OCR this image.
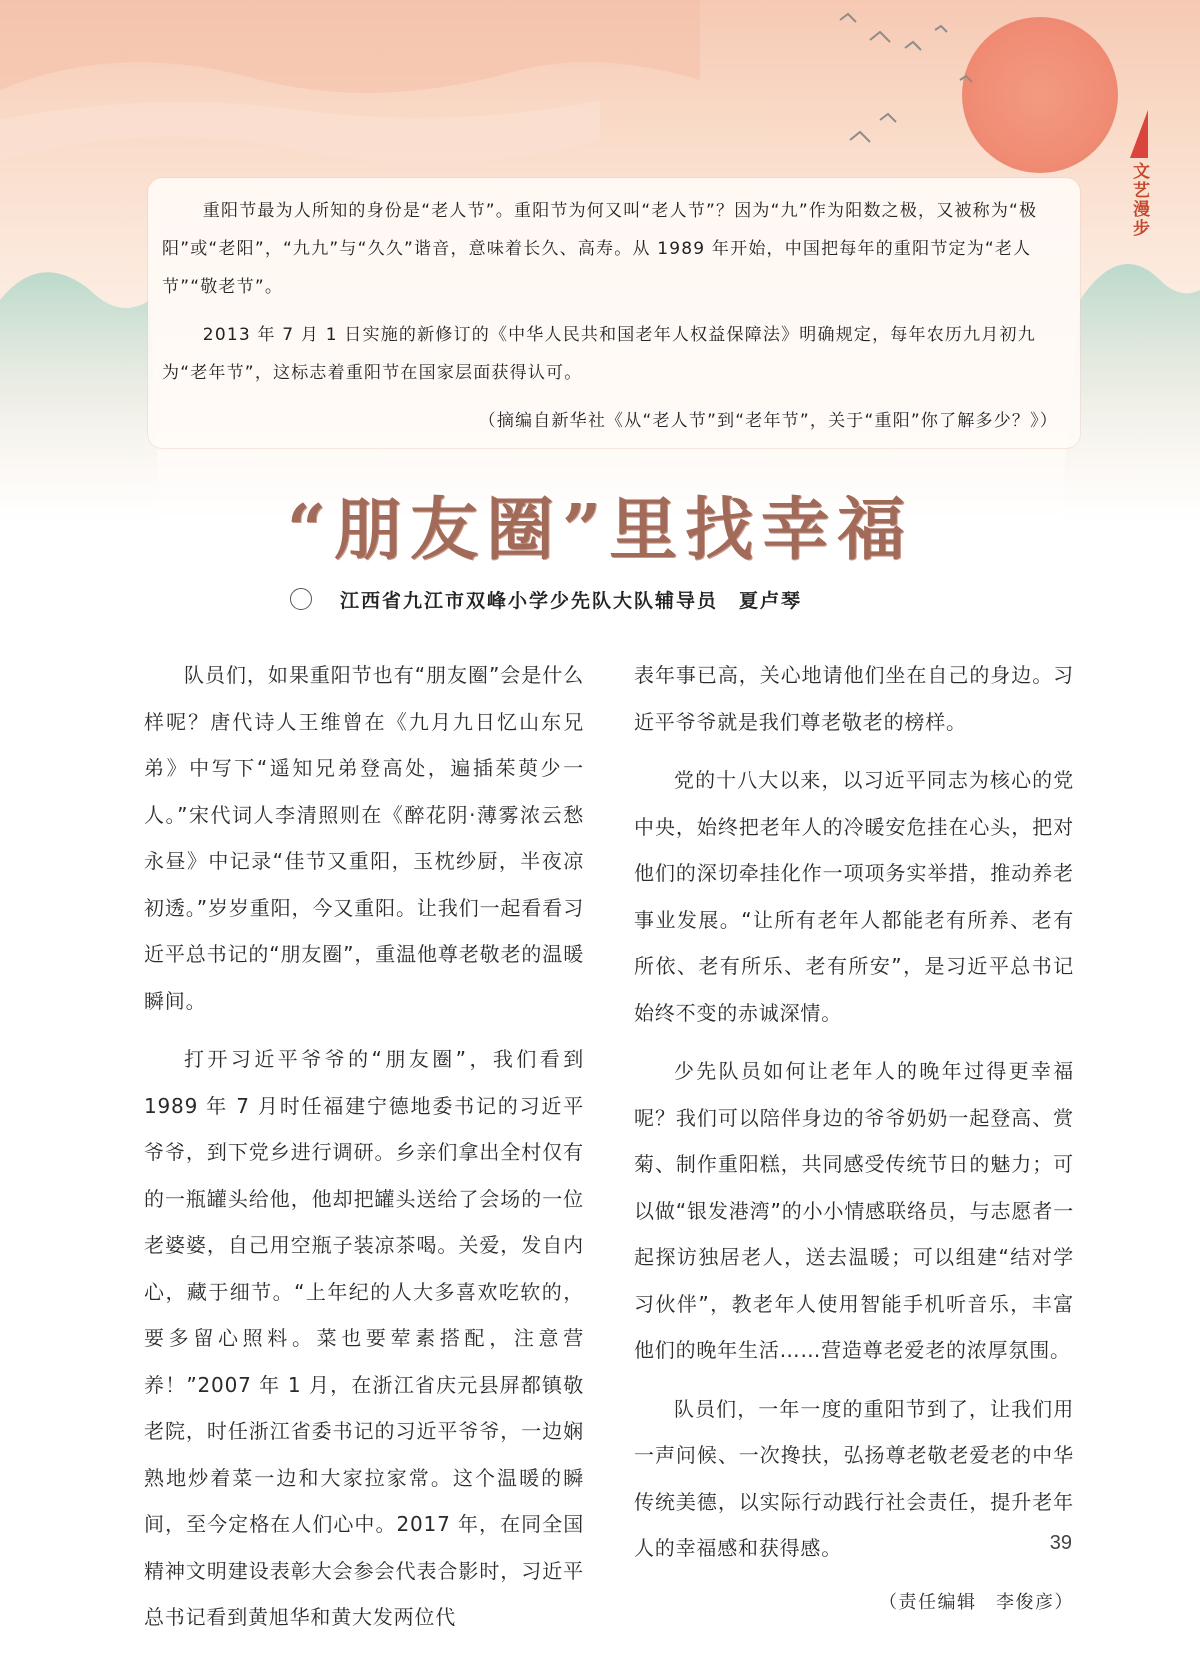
文艺漫步

重阳节最为人所知的身份是“老人节”。重阳节为何又叫“老人节”？因为“九”作为阳数之极，又被称为“极阳”或“老阳”，“九九”与“久久”谐音，意味着长久、高寿。从 1989 年开始，中国把每年的重阳节定为“老人节”“敬老节”。

2013 年 7 月 1 日实施的新修订的《中华人民共和国老年人权益保障法》明确规定，每年农历九月初九为“老年节”，这标志着重阳节在国家层面获得认可。

（摘编自新华社《从“老人节”到“老年节”，关于“重阳”你了解多少？》）

“朋友圈”里找幸福
江西省九江市双峰小学少先队大队辅导员　夏卢琴

队员们，如果重阳节也有“朋友圈”会是什么样呢？唐代诗人王维曾在《九月九日忆山东兄弟》中写下“遥知兄弟登高处，遍插茱萸少一人。”宋代词人李清照则在《醉花阴·薄雾浓云愁永昼》中记录“佳节又重阳，玉枕纱厨，半夜凉初透。”岁岁重阳，今又重阳。让我们一起看看习近平总书记的“朋友圈”，重温他尊老敬老的温暖瞬间。

打开习近平爷爷的“朋友圈”，我们看到 1989 年 7 月时任福建宁德地委书记的习近平爷爷，到下党乡进行调研。乡亲们拿出全村仅有的一瓶罐头给他，他却把罐头送给了会场的一位老婆婆，自己用空瓶子装凉茶喝。关爱，发自内心，藏于细节。“上年纪的人大多喜欢吃软的，要多留心照料。菜也要荤素搭配，注意营养！”2007 年 1 月，在浙江省庆元县屏都镇敬老院，时任浙江省委书记的习近平爷爷，一边娴熟地炒着菜一边和大家拉家常。这个温暖的瞬间，至今定格在人们心中。2017 年，在同全国精神文明建设表彰大会参会代表合影时，习近平总书记看到黄旭华和黄大发两位代

表年事已高，关心地请他们坐在自己的身边。习近平爷爷就是我们尊老敬老的榜样。

党的十八大以来，以习近平同志为核心的党中央，始终把老年人的冷暖安危挂在心头，把对他们的深切牵挂化作一项项务实举措，推动养老事业发展。“让所有老年人都能老有所养、老有所依、老有所乐、老有所安”，是习近平总书记始终不变的赤诚深情。

少先队员如何让老年人的晚年过得更幸福呢？我们可以陪伴身边的爷爷奶奶一起登高、赏菊、制作重阳糕，共同感受传统节日的魅力；可以做“银发港湾”的小小情感联络员，与志愿者一起探访独居老人，送去温暖；可以组建“结对学习伙伴”，教老年人使用智能手机听音乐，丰富他们的晚年生活……营造尊老爱老的浓厚氛围。

队员们，一年一度的重阳节到了，让我们用一声问候、一次搀扶，弘扬尊老敬老爱老的中华传统美德，以实际行动践行社会责任，提升老年人的幸福感和获得感。

（责任编辑　李俊彦）
39
